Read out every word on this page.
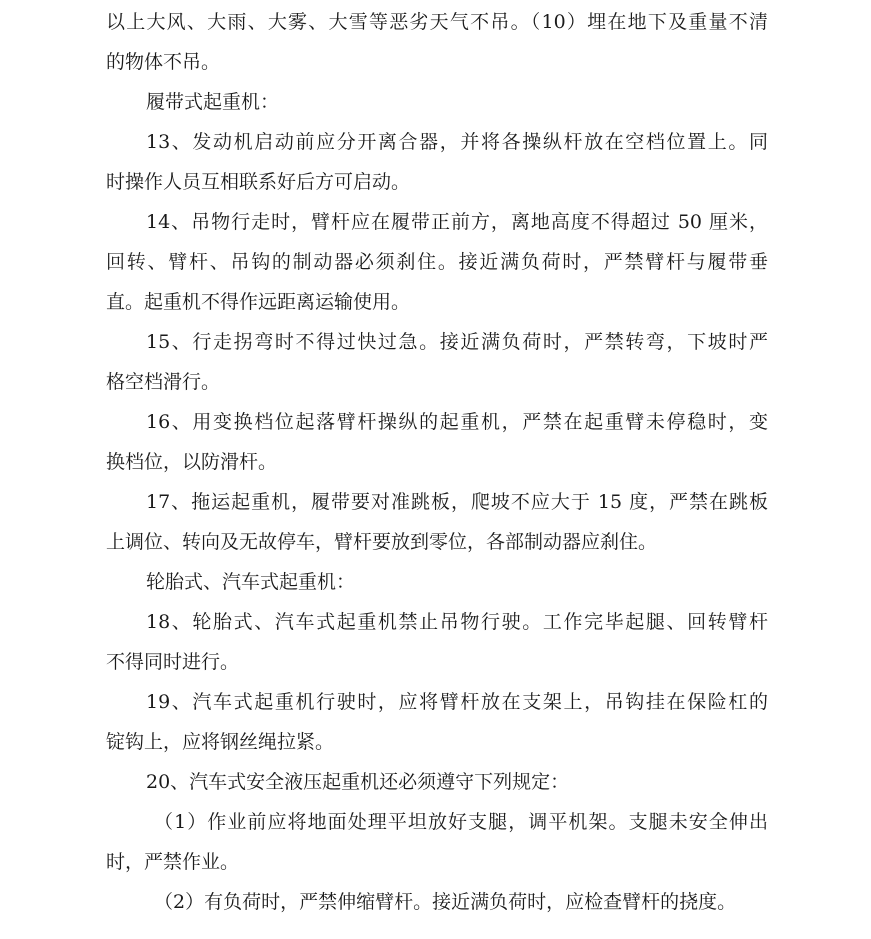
以上大风、大雨、大雾、大雪等恶劣天气不吊。（10）埋在地下及重量不清
的物体不吊。
履带式起重机：
13、发动机启动前应分开离合器，并将各操纵杆放在空档位置上。同
时操作人员互相联系好后方可启动。
14、吊物行走时，臂杆应在履带正前方，离地高度不得超过 50 厘米，
回转、臂杆、吊钩的制动器必须刹住。接近满负荷时，严禁臂杆与履带垂
直。起重机不得作远距离运输使用。
15、行走拐弯时不得过快过急。接近满负荷时，严禁转弯，下坡时严
格空档滑行。
16、用变换档位起落臂杆操纵的起重机，严禁在起重臂未停稳时，变
换档位，以防滑杆。
17、拖运起重机，履带要对准跳板，爬坡不应大于 15 度，严禁在跳板
上调位、转向及无故停车，臂杆要放到零位，各部制动器应刹住。
轮胎式、汽车式起重机：
18、轮胎式、汽车式起重机禁止吊物行驶。工作完毕起腿、回转臂杆
不得同时进行。
19、汽车式起重机行驶时，应将臂杆放在支架上，吊钩挂在保险杠的
锭钩上，应将钢丝绳拉紧。
20、汽车式安全液压起重机还必须遵守下列规定：
（1）作业前应将地面处理平坦放好支腿，调平机架。支腿未安全伸出
时，严禁作业。
（2）有负荷时，严禁伸缩臂杆。接近满负荷时，应检查臂杆的挠度。
